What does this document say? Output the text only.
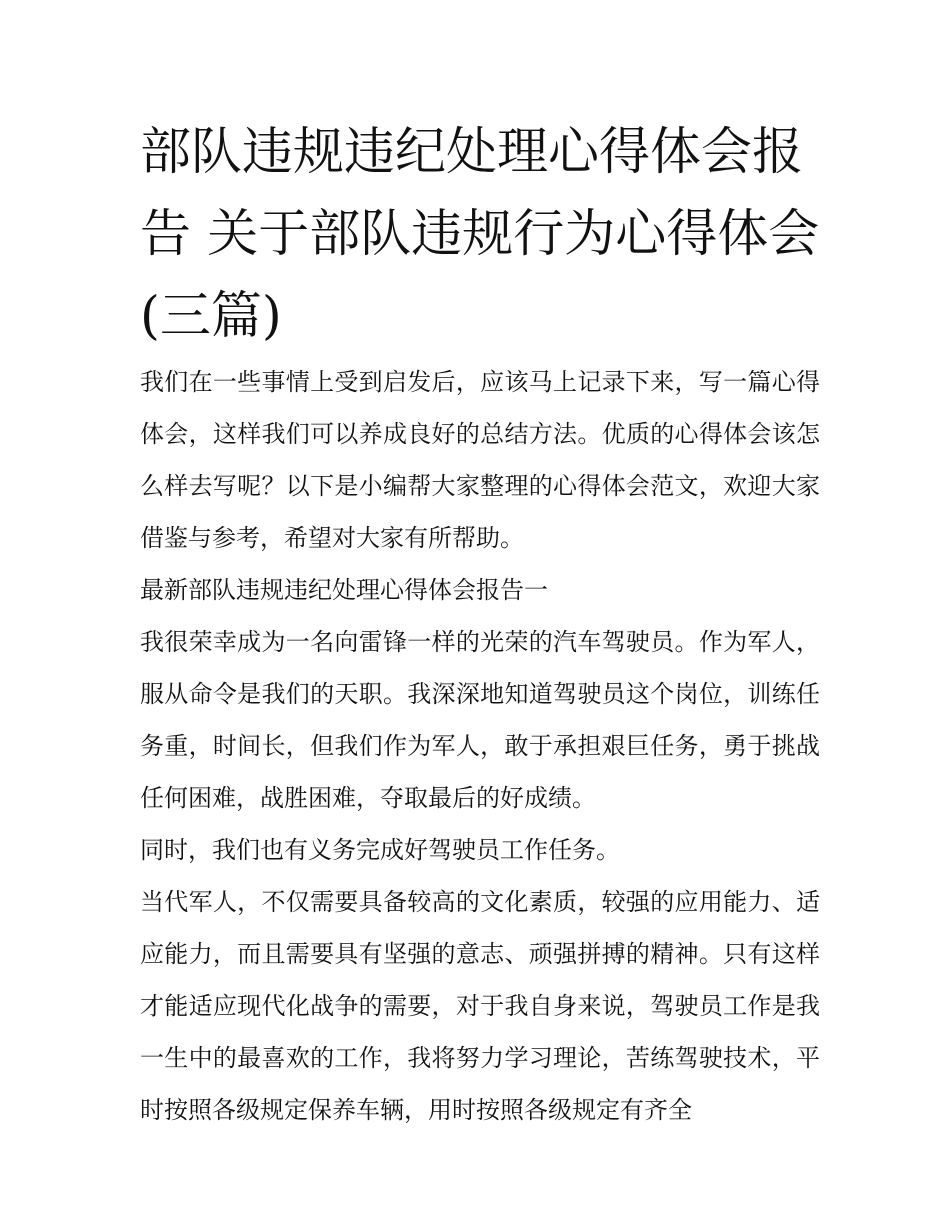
部队违规违纪处理心得体会报告 关于部队违规行为心得体会(三篇)

我们在一些事情上受到启发后，应该马上记录下来，写一篇心得体会，这样我们可以养成良好的总结方法。优质的心得体会该怎么样去写呢？以下是小编帮大家整理的心得体会范文，欢迎大家借鉴与参考，希望对大家有所帮助。

最新部队违规违纪处理心得体会报告一

我很荣幸成为一名向雷锋一样的光荣的汽车驾驶员。作为军人，服从命令是我们的天职。我深深地知道驾驶员这个岗位，训练任务重，时间长，但我们作为军人，敢于承担艰巨任务，勇于挑战任何困难，战胜困难，夺取最后的好成绩。

同时，我们也有义务完成好驾驶员工作任务。

当代军人，不仅需要具备较高的文化素质，较强的应用能力、适应能力，而且需要具有坚强的意志、顽强拼搏的精神。只有这样才能适应现代化战争的需要，对于我自身来说，驾驶员工作是我一生中的最喜欢的工作，我将努力学习理论，苦练驾驶技术，平时按照各级规定保养车辆，用时按照各级规定有齐全
